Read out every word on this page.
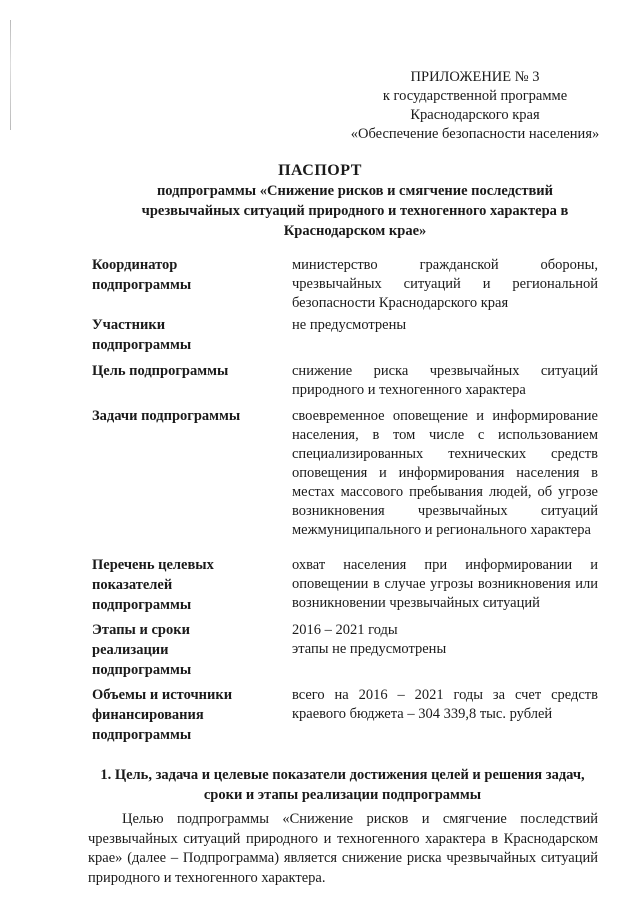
ПРИЛОЖЕНИЕ № 3
к государственной программе
Краснодарского края
«Обеспечение безопасности населения»
ПАСПОРТ
подпрограммы «Снижение рисков и смягчение последствий чрезвычайных ситуаций природного и техногенного характера в Краснодарском крае»
Координатор подпрограммы
министерство гражданской обороны, чрезвычайных ситуаций и региональной безопасности Краснодарского края
Участники подпрограммы
не предусмотрены
Цель подпрограммы	снижение риска чрезвычайных ситуаций природного и техногенного характера
Задачи подпрограммы	своевременное оповещение и информирование населения, в том числе с использованием специализированных технических средств оповещения и информирования населения в местах массового пребывания людей, об угрозе возникновения чрезвычайных ситуаций межмуниципального и регионального характера
Перечень целевых показателей подпрограммы
охват населения при информировании и оповещении в случае угрозы возникновения или возникновении чрезвычайных ситуаций
Этапы и сроки реализации подпрограммы
2016 – 2021 годы
этапы не предусмотрены
Объемы и источники финансирования подпрограммы
всего на 2016 – 2021 годы за счет средств краевого бюджета – 304 339,8 тыс. рублей
1. Цель, задача и целевые показатели достижения целей и решения задач, сроки и этапы реализации подпрограммы
Целью подпрограммы «Снижение рисков и смягчение последствий чрезвычайных ситуаций природного и техногенного характера в Краснодарском крае» (далее – Подпрограмма) является снижение риска чрезвычайных ситуаций природного и техногенного характера.
